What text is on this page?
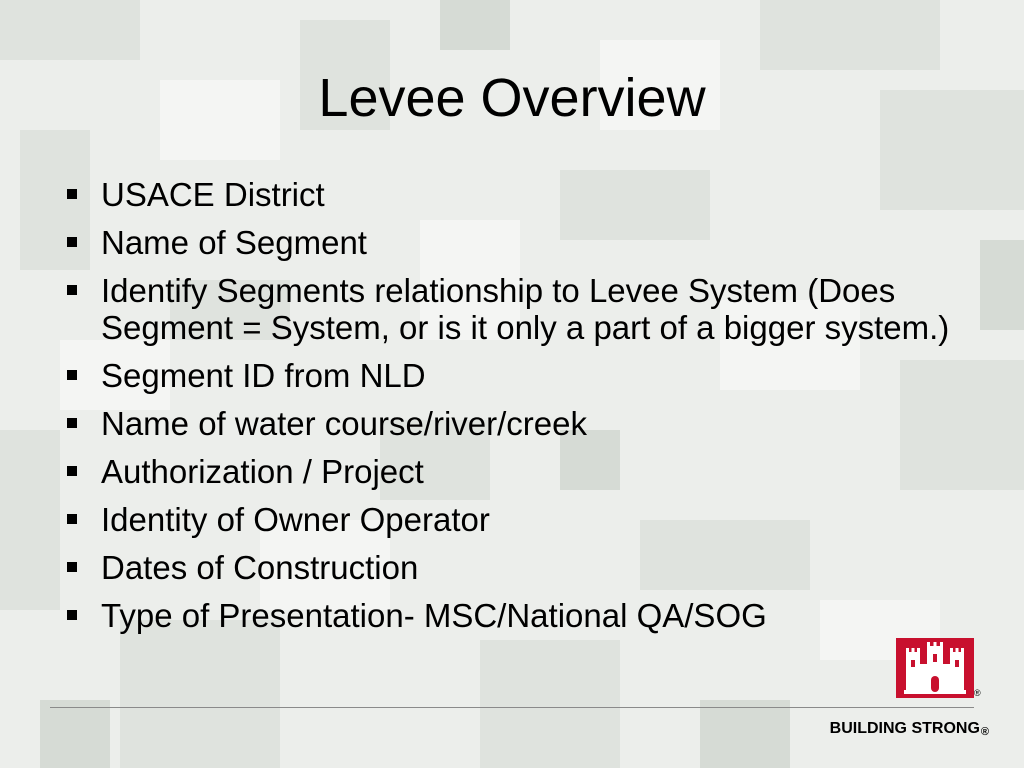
Levee Overview
USACE District
Name of Segment
Identify Segments relationship to Levee System (Does Segment = System, or is it only a part of a bigger system.)
Segment ID from NLD
Name of water course/river/creek
Authorization / Project
Identity of Owner Operator
Dates of Construction
Type of Presentation- MSC/National QA/SOG
®
BUILDING STRONG®
